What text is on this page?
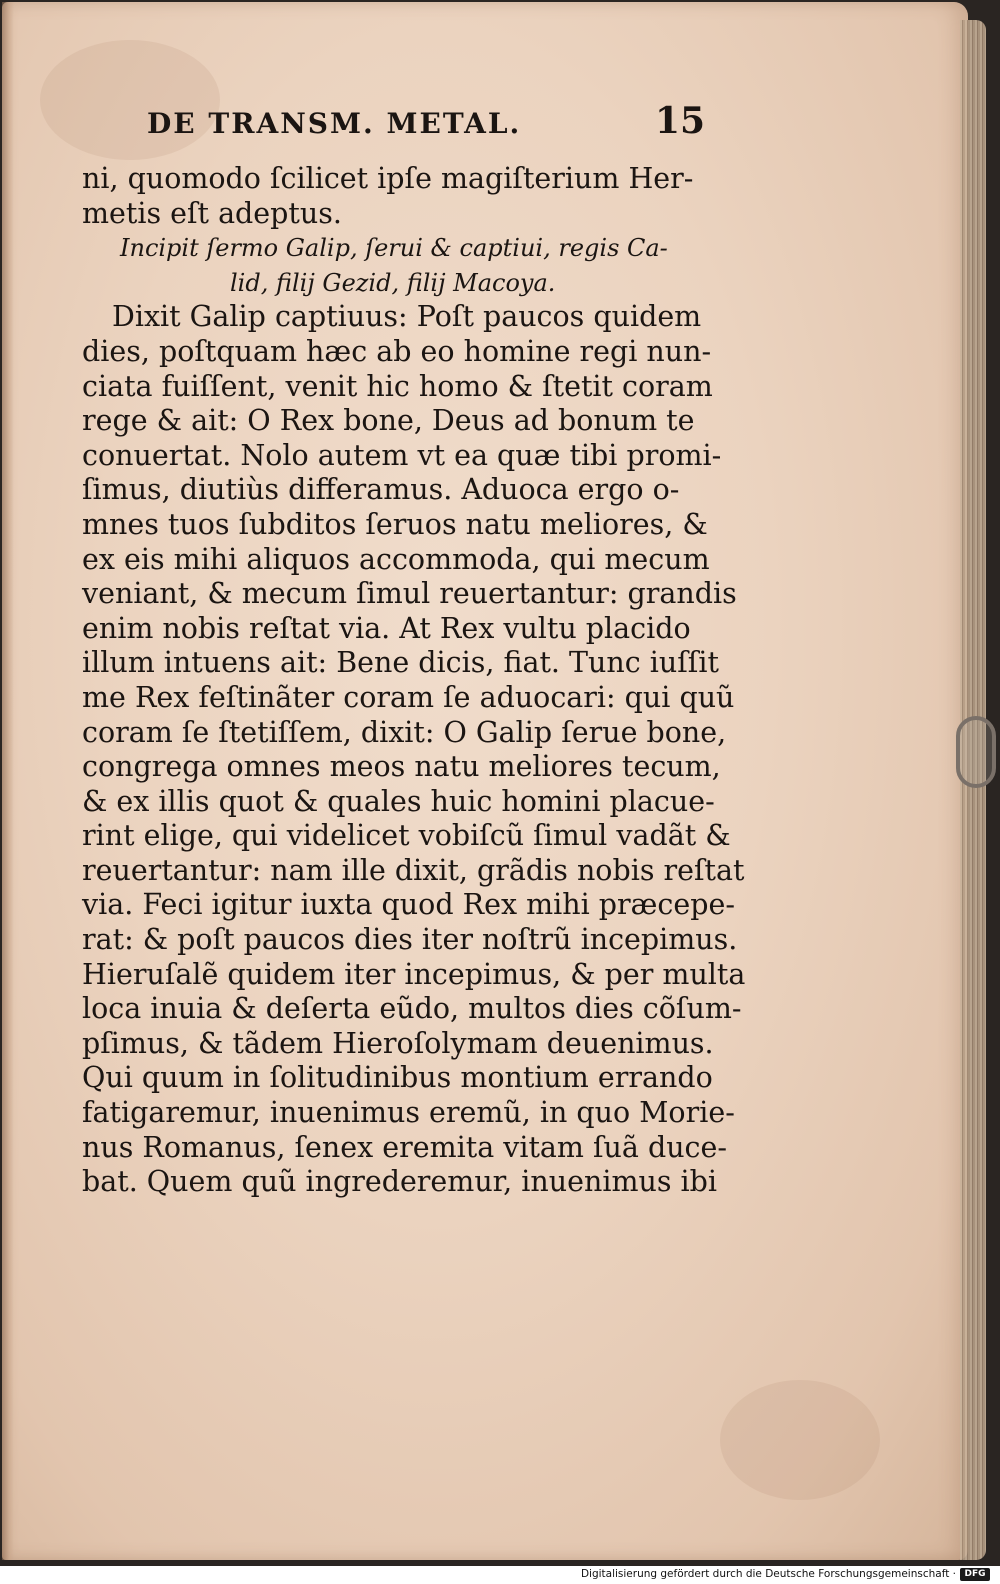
DE TRANSM. METAL.	15
ni, quomodo ſcilicet ipſe magiſterium Her-
metis eſt adeptus.
Incipit ſermo Galip, ſerui & captiui, regis Ca-
lid, filij Gezid, filij Macoya.
Dixit Galip captiuus: Poſt paucos quidem
dies, poſtquam hæc ab eo homine regi nun-
ciata fuiſſent, venit hic homo & ſtetit coram
rege & ait: O Rex bone, Deus ad bonum te
conuertat. Nolo autem vt ea quæ tibi promi-
ſimus, diutiùs differamus. Aduoca ergo o-
mnes tuos ſubditos ſeruos natu meliores, &
ex eis mihi aliquos accommoda, qui mecum
veniant, & mecum ſimul reuertantur: grandis
enim nobis reſtat via. At Rex vultu placido
illum intuens ait: Bene dicis, fiat. Tunc iuſſit
me Rex feſtinãter coram ſe aduocari: qui quũ
coram ſe ſtetiſſem, dixit: O Galip ſerue bone,
congrega omnes meos natu meliores tecum,
& ex illis quot & quales huic homini placue-
rint elige, qui videlicet vobiſcũ ſimul vadãt &
reuertantur: nam ille dixit, grãdis nobis reſtat
via. Feci igitur iuxta quod Rex mihi præcepe-
rat: & poſt paucos dies iter noſtrũ incepimus.
Hieruſalẽ quidem iter incepimus, & per multa
loca inuia & deſerta eũdo, multos dies cõſum-
pſimus, & tãdem Hieroſolymam deuenimus.
Qui quum in ſolitudinibus montium errando
fatigaremur, inuenimus eremũ, in quo Morie-
nus Romanus, ſenex eremita vitam ſuã duce-
bat. Quem quũ ingrederemur, inuenimus ibi
Digitalisierung gefördert durch die Deutsche Forschungsgemeinschaft · DFG
